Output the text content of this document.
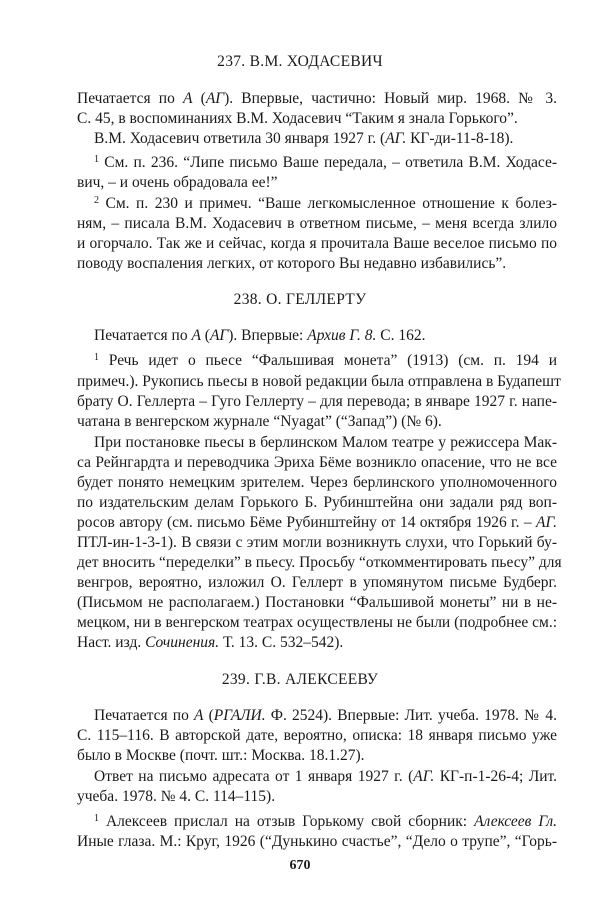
237. В.М. ХОДАСЕВИЧ
Печатается по А (АГ). Впервые, частично: Новый мир. 1968. № 3.
С. 45, в воспоминаниях В.М. Ходасевич “Таким я знала Горького”.
В.М. Ходасевич ответила 30 января 1927 г. (АГ. КГ-ди-11-8-18).
$^1$ См. п. 236. “Липе письмо Ваше передала, – ответила В.М. Ходасе-
вич, – и очень обрадовала ее!”
$^2$ См. п. 230 и примеч. “Ваше легкомысленное отношение к болез-
ням, – писала В.М. Ходасевич в ответном письме, – меня всегда злило
и огорчало. Так же и сейчас, когда я прочитала Ваше веселое письмо по
поводу воспаления легких, от которого Вы недавно избавились”.
238. О. ГЕЛЛЕРТУ
Печатается по А (АГ). Впервые: Архив Г. 8. С. 162.
$^1$ Речь идет о пьесе “Фальшивая монета” (1913) (см. п. 194 и
примеч.). Рукопись пьесы в новой редакции была отправлена в Будапешт
брату О. Геллерта – Гуго Геллерту – для перевода; в январе 1927 г. напе-
чатана в венгерском журнале “Nyagat” (“Запад”) (№ 6).
При постановке пьесы в берлинском Малом театре у режиссера Мак-
са Рейнгардта и переводчика Эриха Бёме возникло опасение, что не все
будет понято немецким зрителем. Через берлинского уполномоченного
по издательским делам Горького Б. Рубинштейна они задали ряд воп-
росов автору (см. письмо Бёме Рубинштейну от 14 октября 1926 г. – АГ.
ПТЛ-ин-1-3-1). В связи с этим могли возникнуть слухи, что Горький бу-
дет вносить “переделки” в пьесу. Просьбу “откомментировать пьесу” для
венгров, вероятно, изложил О. Геллерт в упомянутом письме Будберг.
(Письмом не располагаем.) Постановки “Фальшивой монеты” ни в не-
мецком, ни в венгерском театрах осуществлены не были (подробнее см.:
Наст. изд. Сочинения. Т. 13. С. 532–542).
239. Г.В. АЛЕКСЕЕВУ
Печатается по А (РГАЛИ. Ф. 2524). Впервые: Лит. учеба. 1978. № 4.
С. 115–116. В авторской дате, вероятно, описка: 18 января письмо уже
было в Москве (почт. шт.: Москва. 18.1.27).
Ответ на письмо адресата от 1 января 1927 г. (АГ. КГ-п-1-26-4; Лит.
учеба. 1978. № 4. С. 114–115).
$^1$ Алексеев прислал на отзыв Горькому свой сборник: Алексеев Гл.
670
Иные глаза. М.: Круг, 1926 (“Дунькино счастье”, “Дело о трупе”, “Горь-
